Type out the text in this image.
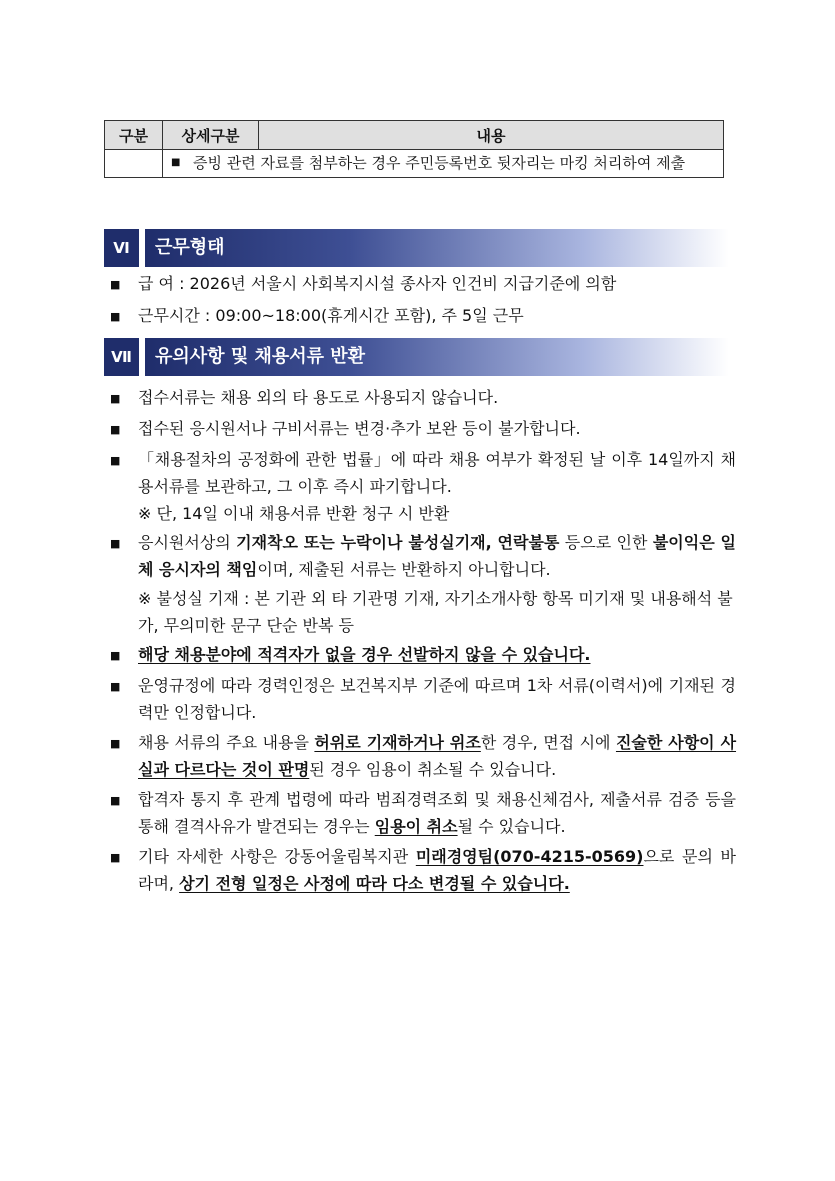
구분	상세구분	내용

	■ 증빙 관련 자료를 첨부하는 경우 주민등록번호 뒷자리는 마킹 처리하여 제출	
Ⅵ	근무형태
■	급 여 : 2026년 서울시 사회복지시설 종사자 인건비 지급기준에 의함
■	근무시간 : 09:00~18:00(휴게시간 포함), 주 5일 근무
Ⅶ	유의사항 및 채용서류 반환
■	접수서류는 채용 외의 타 용도로 사용되지 않습니다.
■	접수된 응시원서나 구비서류는 변경·추가 보완 등이 불가합니다.
■	「채용절차의 공정화에 관한 법률」에 따라 채용 여부가 확정된 날 이후 14일까지 채용서류를 보관하고, 그 이후 즉시 파기합니다.
※ 단, 14일 이내 채용서류 반환 청구 시 반환
■	응시원서상의 기재착오 또는 누락이나 불성실기재, 연락불통 등으로 인한 불이익은 일체 응시자의 책임이며, 제출된 서류는 반환하지 아니합니다.
※ 불성실 기재 : 본 기관 외 타 기관명 기재, 자기소개사항 항목 미기재 및 내용해석 불가, 무의미한 문구 단순 반복 등
■	해당 채용분야에 적격자가 없을 경우 선발하지 않을 수 있습니다.
■	운영규정에 따라 경력인정은 보건복지부 기준에 따르며 1차 서류(이력서)에 기재된 경력만 인정합니다.
■	채용 서류의 주요 내용을 허위로 기재하거나 위조한 경우, 면접 시에 진술한 사항이 사실과 다르다는 것이 판명된 경우 임용이 취소될 수 있습니다.
■	합격자 통지 후 관계 법령에 따라 범죄경력조회 및 채용신체검사, 제출서류 검증 등을 통해 결격사유가 발견되는 경우는 임용이 취소될 수 있습니다.
■	기타 자세한 사항은 강동어울림복지관 미래경영팀(070-4215-0569)으로 문의 바라며, 상기 전형 일정은 사정에 따라 다소 변경될 수 있습니다.
